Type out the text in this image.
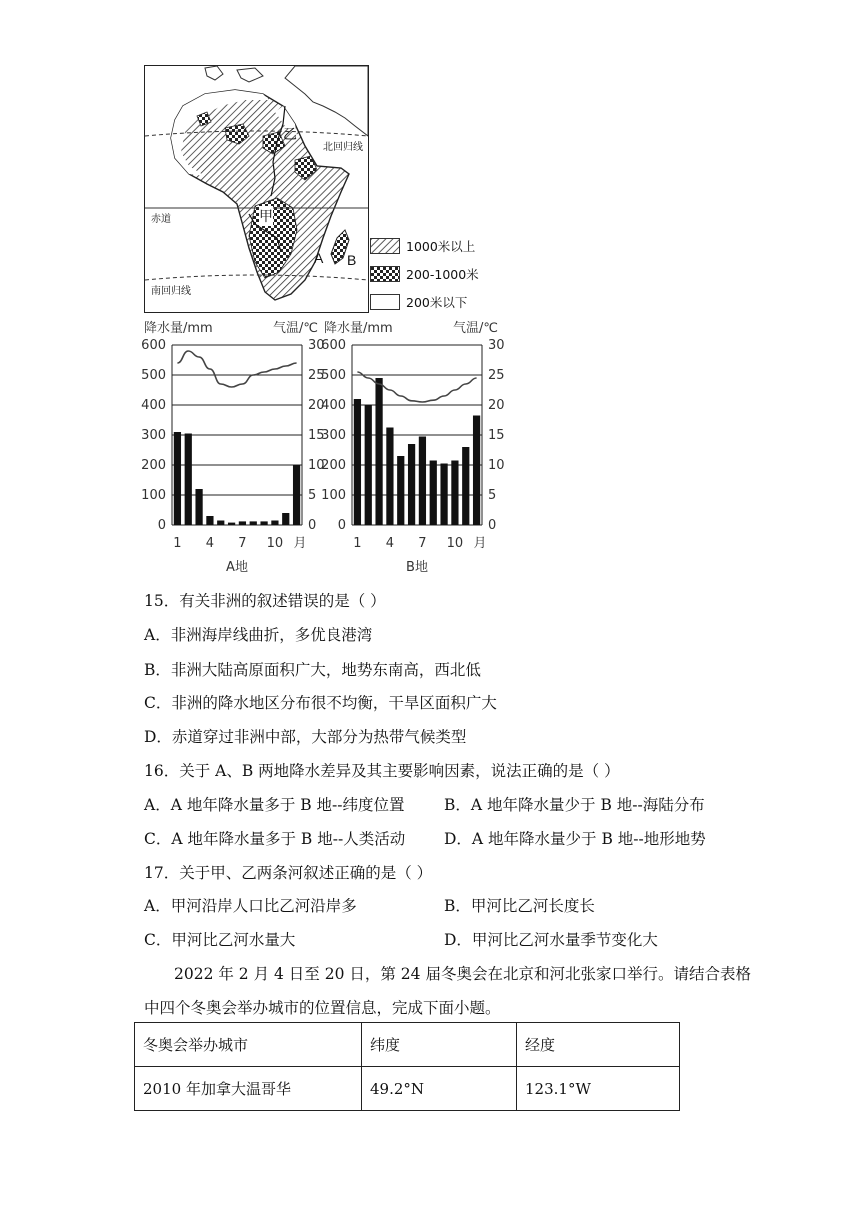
乙
甲
A B
北回归线
赤道
南回归线
1000米以上
200-1000米
200米以下
降水量/mm	气温/℃
0	0
100	5
200	10
300	15
400	20
500	25
600	30
1 4 7 10 月
A地
降水量/mm	气温/℃
0	0
100	5
200	10
300	15
400	20
500	25
600	30
1 4 7 10 月
B地
15．有关非洲的叙述错误的是（ ）
A．非洲海岸线曲折，多优良港湾
B．非洲大陆高原面积广大，地势东南高，西北低
C．非洲的降水地区分布很不均衡，干旱区面积广大
D．赤道穿过非洲中部，大部分为热带气候类型
16．关于 A、B 两地降水差异及其主要影响因素，说法正确的是（ ）
A．A 地年降水量多于 B 地--纬度位置	B．A 地年降水量少于 B 地--海陆分布
C．A 地年降水量多于 B 地--人类活动	D．A 地年降水量少于 B 地--地形地势
17．关于甲、乙两条河叙述正确的是（ ）
A．甲河沿岸人口比乙河沿岸多	B．甲河比乙河长度长
C．甲河比乙河水量大	D．甲河比乙河水量季节变化大
2022 年 2 月 4 日至 20 日，第 24 届冬奥会在北京和河北张家口举行。请结合表格
中四个冬奥会举办城市的位置信息，完成下面小题。
冬奥会举办城市	纬度	经度
2010 年加拿大温哥华	49.2°N	123.1°W
